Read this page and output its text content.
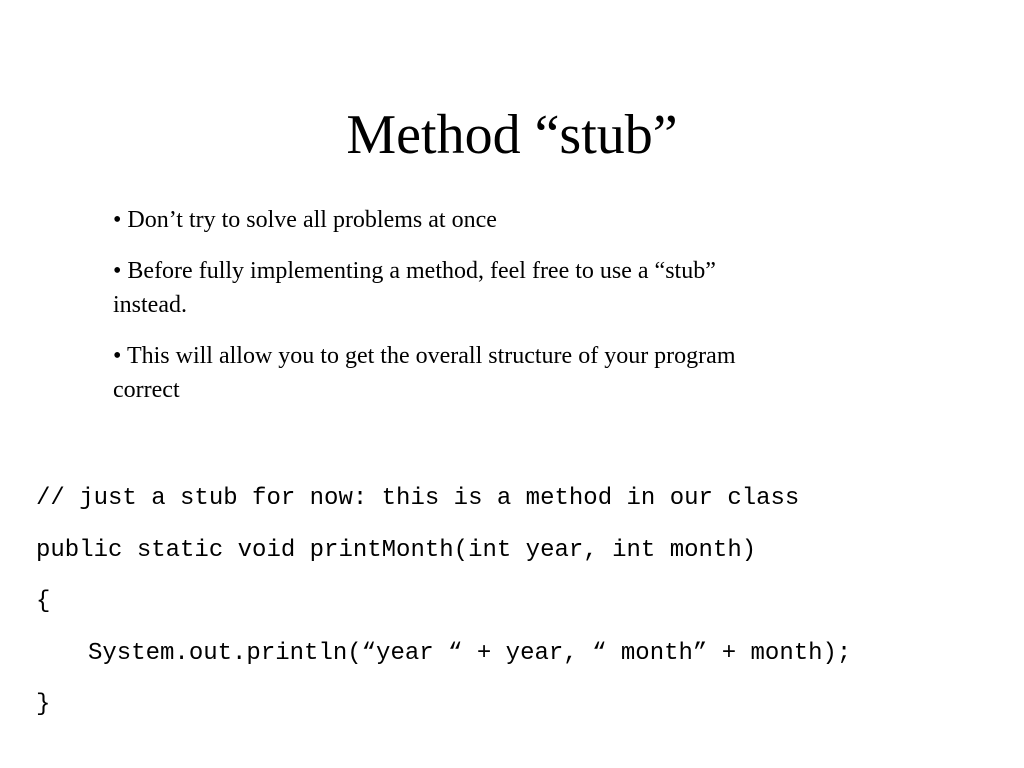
Method “stub”
• Don’t try to solve all problems at once
• Before fully implementing a method, feel free to use a “stub” instead.
• This will allow you to get the overall structure of your program correct
// just a stub for now: this is a method in our class
public static void printMonth(int year, int month)
{
System.out.println(“year “ + year, “ month” + month);
}
